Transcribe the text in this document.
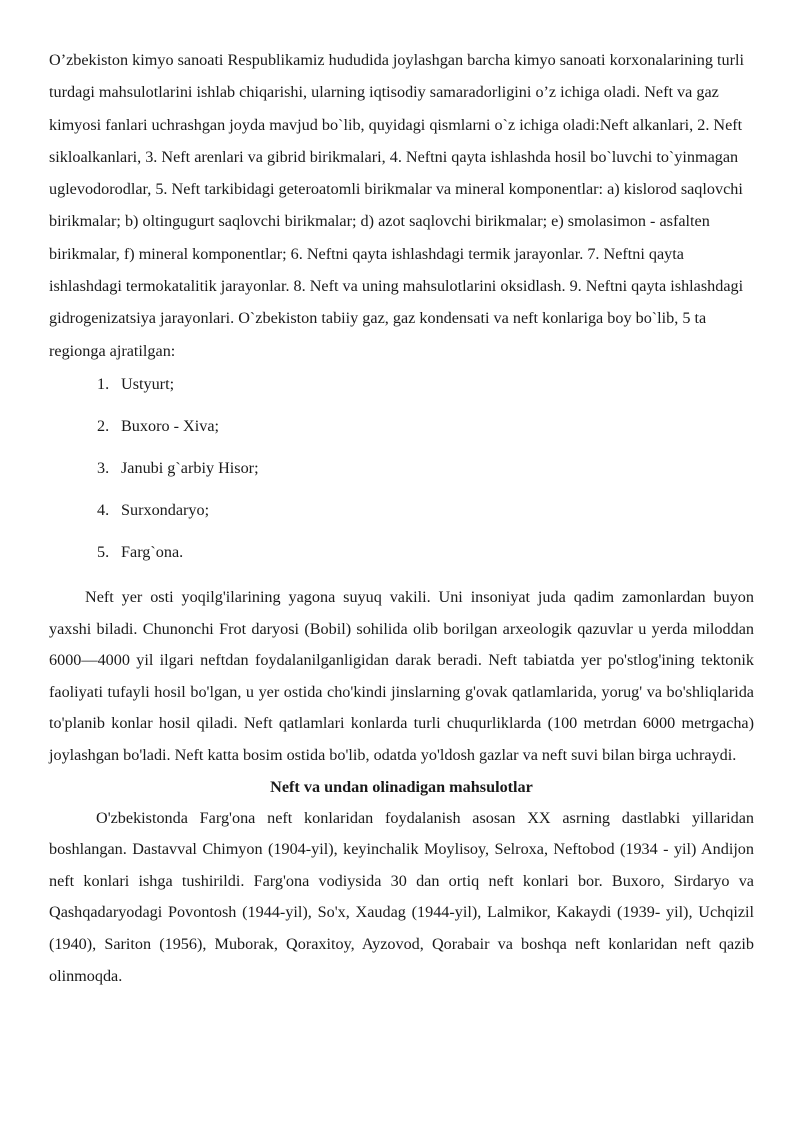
O’zbekiston kimyo sanoati Respublikamiz hududida joylashgan barcha kimyo sanoati korxonalarining turli turdagi mahsulotlarini ishlab chiqarishi, ularning iqtisodiy samaradorligini o’z ichiga oladi. Neft va gaz kimyosi fanlari uchrashgan joyda mavjud bo`lib, quyidagi qismlarni o`z ichiga oladi:Neft alkanlari, 2. Neft sikloalkanlari, 3. Neft arenlari va gibrid birikmalari, 4. Neftni qayta ishlashda hosil bo`luvchi to`yinmagan uglevodorodlar, 5. Neft tarkibidagi geteroatomli birikmalar va mineral komponentlar: a) kislorod saqlovchi birikmalar; b) oltingugurt saqlovchi birikmalar; d) azot saqlovchi birikmalar; e) smolasimon - asfalten birikmalar, f) mineral komponentlar; 6. Neftni qayta ishlashdagi termik jarayonlar. 7. Neftni qayta ishlashdagi termokatalitik jarayonlar. 8. Neft va uning mahsulotlarini oksidlash. 9. Neftni qayta ishlashdagi gidrogenizatsiya jarayonlari. O`zbekiston tabiiy gaz, gaz kondensati va neft konlariga boy bo`lib, 5 ta regionga ajratilgan:

1. Ustyurt;
2. Buxoro - Xiva;
3. Janubi g`arbiy Hisor;
4. Surxondaryo;
5. Farg`ona.

Neft yer osti yoqilg'ilarining yagona suyuq vakili. Uni insoniyat juda qadim zamonlardan buyon yaxshi biladi. Chunonchi Frot daryosi (Bobil) sohilida olib borilgan arxeologik qazuvlar u yerda miloddan 6000—4000 yil ilgari neftdan foydalanilganligidan darak beradi. Neft tabiatda yer po'stlog'ining tektonik faoliyati tufayli hosil bo'lgan, u yer ostida cho'kindi jinslarning g'ovak qatlamlarida, yorug' va bo'shliqlarida to'planib konlar hosil qiladi. Neft qatlamlari konlarda turli chuqurliklarda (100 metrdan 6000 metrgacha) joylashgan bo'ladi. Neft katta bosim ostida bo'lib, odatda yo'ldosh gazlar va neft suvi bilan birga uchraydi.

Neft va undan olinadigan mahsulotlar

O'zbekistonda Farg'ona neft konlaridan foydalanish asosan XX asrning dastlabki yillaridan boshlangan. Dastavval Chimyon (1904-yil), keyinchalik Moylisoy, Selroxa, Neftobod (1934 - yil) Andijon neft konlari ishga tushirildi. Farg'ona vodiysida 30 dan ortiq neft konlari bor. Buxoro, Sirdaryo va Qashqadaryodagi Povontosh (1944-yil), So'x, Xaudag (1944-yil), Lalmikor, Kakaydi (1939- yil), Uchqizil (1940), Sariton (1956), Muborak, Qoraxitoy, Ayzovod, Qorabair va boshqa neft konlaridan neft qazib olinmoqda.
